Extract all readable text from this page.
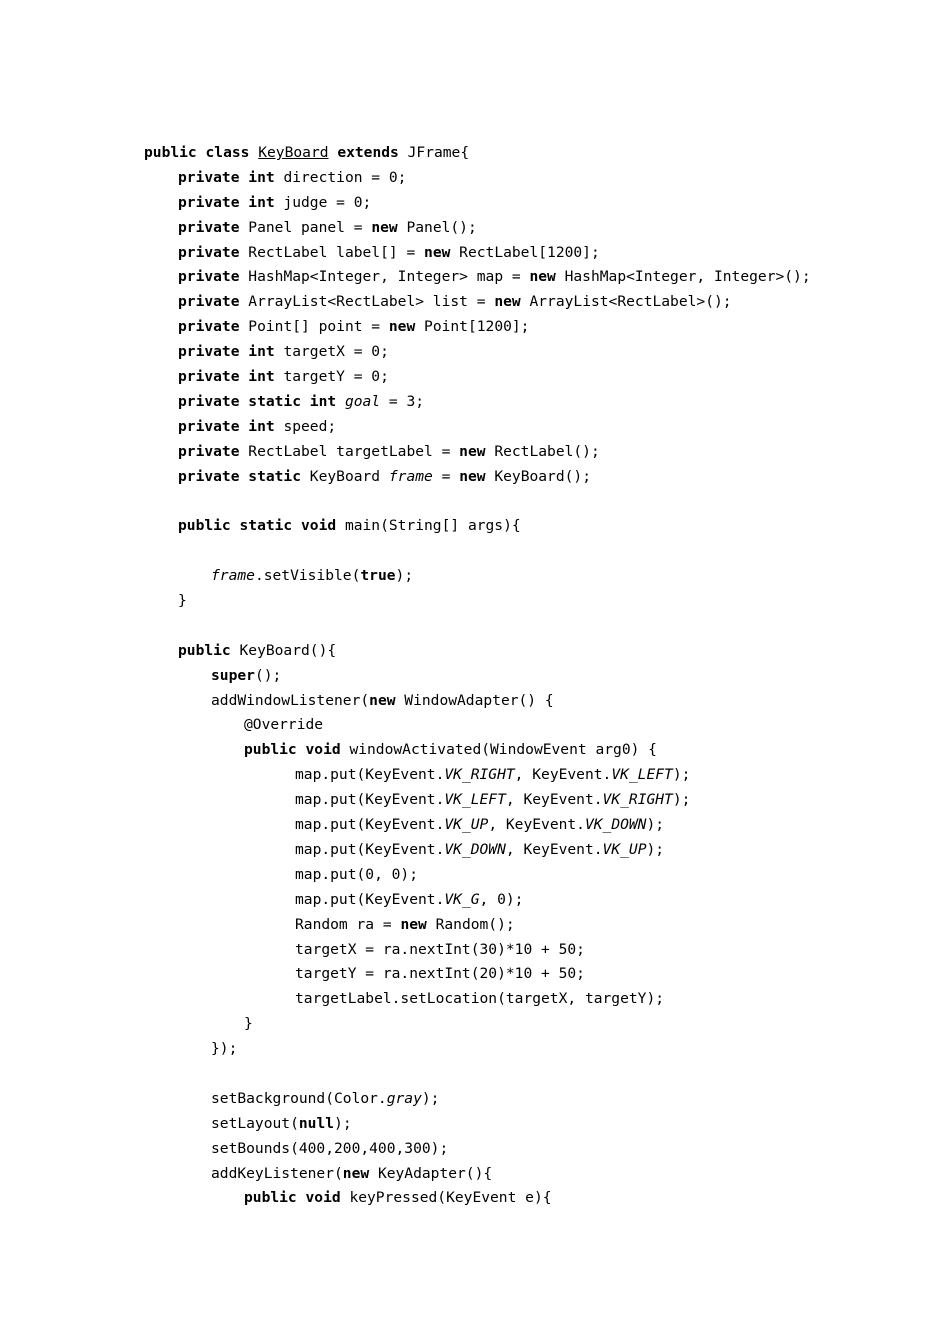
public class KeyBoard extends JFrame{
private int direction = 0;
private int judge = 0;
private Panel panel = new Panel();
private RectLabel label[] = new RectLabel[1200];
private HashMap<Integer, Integer> map = new HashMap<Integer, Integer>();
private ArrayList<RectLabel> list = new ArrayList<RectLabel>();
private Point[] point = new Point[1200];
private int targetX = 0;
private int targetY = 0;
private static int goal = 3;
private int speed;
private RectLabel targetLabel = new RectLabel();
private static KeyBoard frame = new KeyBoard();
public static void main(String[] args){
frame.setVisible(true);
}
public KeyBoard(){
super();
addWindowListener(new WindowAdapter() {
@Override
public void windowActivated(WindowEvent arg0) {
map.put(KeyEvent.VK_RIGHT, KeyEvent.VK_LEFT);
map.put(KeyEvent.VK_LEFT, KeyEvent.VK_RIGHT);
map.put(KeyEvent.VK_UP, KeyEvent.VK_DOWN);
map.put(KeyEvent.VK_DOWN, KeyEvent.VK_UP);
map.put(0, 0);
map.put(KeyEvent.VK_G, 0);
Random ra = new Random();
targetX = ra.nextInt(30)*10 + 50;
targetY = ra.nextInt(20)*10 + 50;
targetLabel.setLocation(targetX, targetY);
}
});
setBackground(Color.gray);
setLayout(null);
setBounds(400,200,400,300);
addKeyListener(new KeyAdapter(){
public void keyPressed(KeyEvent e){
